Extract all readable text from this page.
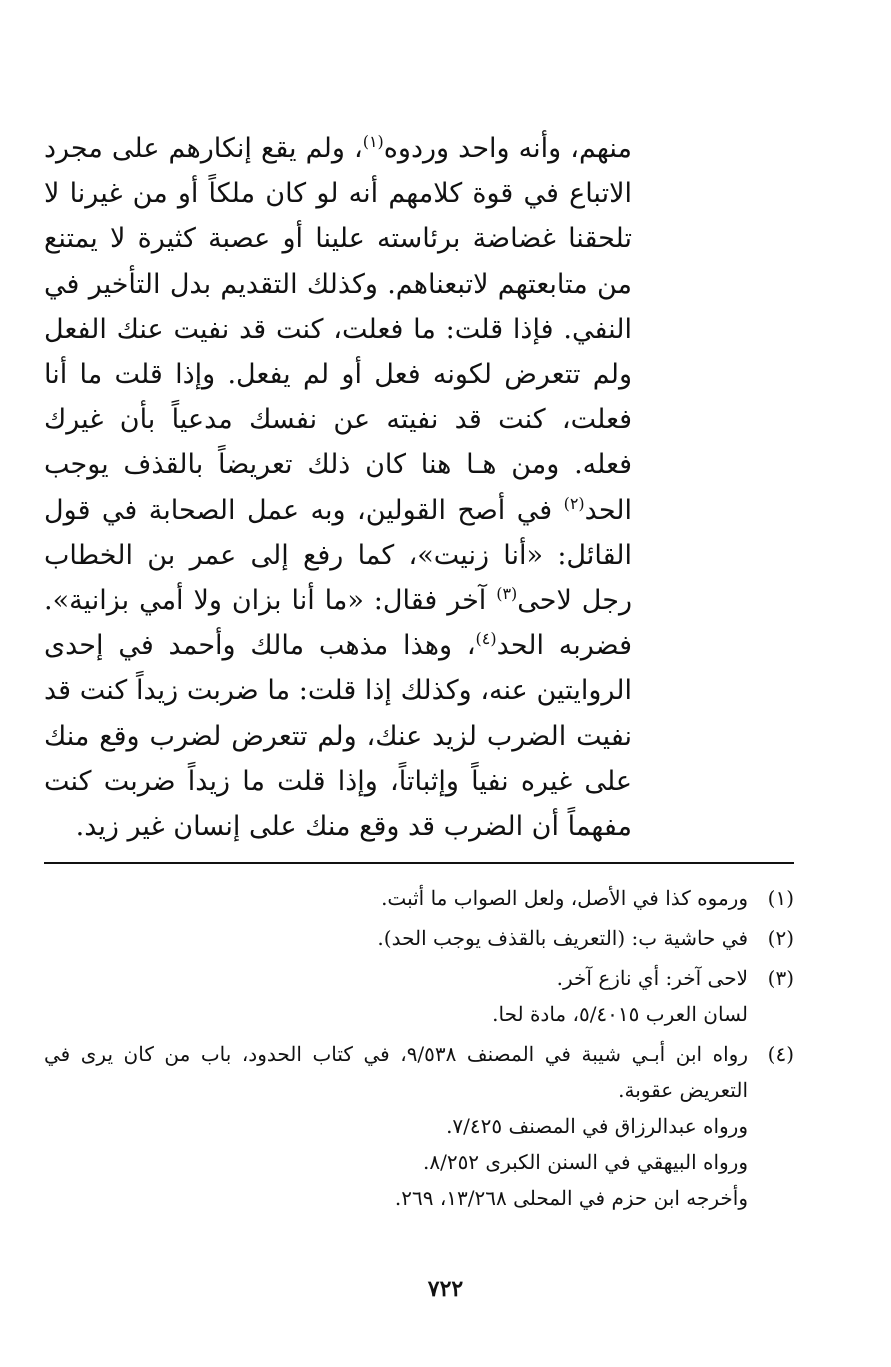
منهم، وأنه واحد وردوه$^{(١)}$، ولم يقع إنكارهم على مجرد الاتباع في قوة كلامهم أنه لو كان ملكاً أو من غيرنا لا تلحقنا غضاضة برئاسته علينا أو عصبة كثيرة لا يمتنع من متابعتهم لاتبعناهم. وكذلك التقديم بدل التأخير في النفي. فإذا قلت: ما فعلت، كنت قد نفيت عنك الفعل ولم تتعرض لكونه فعل أو لم يفعل. وإذا قلت ما أنا فعلت، كنت قد نفيته عن نفسك مدعياً بأن غيرك فعله. ومن هـا هنا كان ذلك تعريضاً بالقذف يوجب الحد$^{(٢)}$ في أصح القولين، وبه عمل الصحابة في قول القائل: «أنا زنيت»، كما رفع إلى عمر بن الخطاب رجل لاحى$^{(٣)}$ آخر فقال: «ما أنا بزان ولا أمي بزانية». فضربه الحد$^{(٤)}$، وهذا مذهب مالك وأحمد في إحدى الروايتين عنه، وكذلك إذا قلت: ما ضربت زيداً كنت قد نفيت الضرب لزيد عنك، ولم تتعرض لضرب وقع منك على غيره نفياً وإثباتاً، وإذا قلت ما زيداً ضربت كنت مفهماً أن الضرب قد وقع منك على إنسان غير زيد.

(١)
ورموه كذا في الأصل، ولعل الصواب ما أثبت.
(٢)
في حاشية ب: (التعريف بالقذف يوجب الحد).
(٣)
لاحى آخر: أي نازع آخر.
لسان العرب ٥/٤٠١٥، مادة لحا.
(٤)
رواه ابن أبـي شيبة في المصنف ٩/٥٣٨، في كتاب الحدود، باب من كان يرى في التعريض عقوبة.
ورواه عبدالرزاق في المصنف ٧/٤٢٥.
ورواه البيهقي في السنن الكبرى ٨/٢٥٢.
وأخرجه ابن حزم في المحلى ١٣/٢٦٨، ٢٦٩.
٧٢٢
